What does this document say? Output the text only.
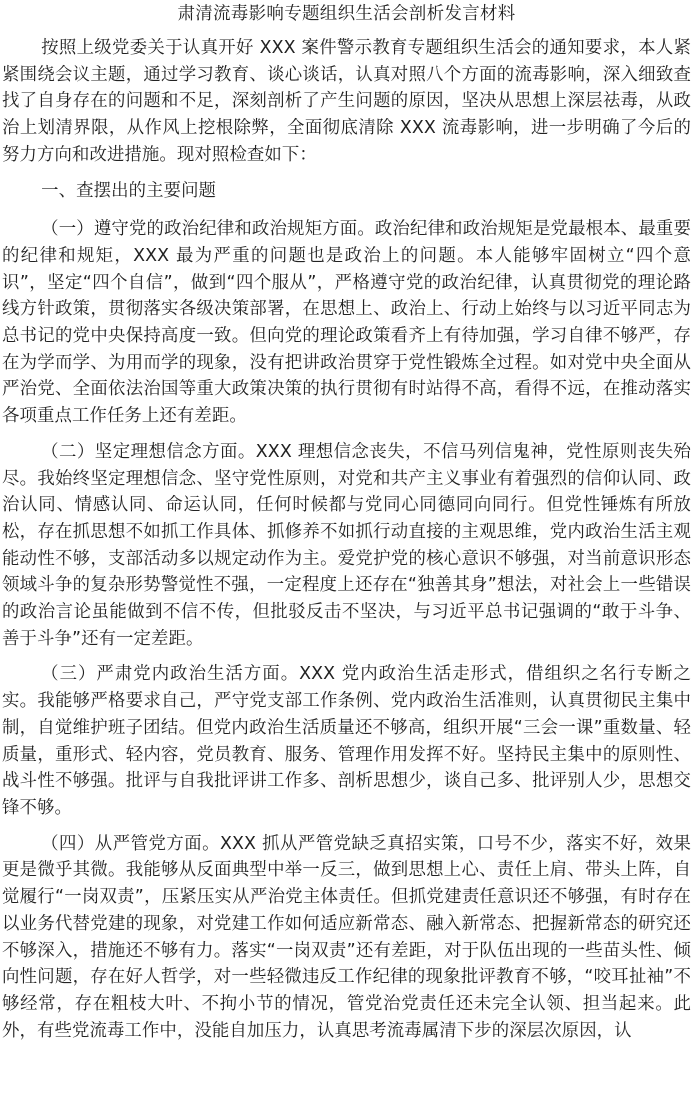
肃清流毒影响专题组织生活会剖析发言材料

按照上级党委关于认真开好 XXX 案件警示教育专题组织生活会的通知要求，本人紧紧围绕会议主题，通过学习教育、谈心谈话，认真对照八个方面的流毒影响，深入细致查找了自身存在的问题和不足，深刻剖析了产生问题的原因，坚决从思想上深层祛毒，从政治上划清界限，从作风上挖根除弊，全面彻底清除 XXX 流毒影响，进一步明确了今后的努力方向和改进措施。现对照检查如下：

一、查摆出的主要问题

（一）遵守党的政治纪律和政治规矩方面。政治纪律和政治规矩是党最根本、最重要的纪律和规矩，XXX 最为严重的问题也是政治上的问题。本人能够牢固树立“四个意识”，坚定“四个自信”，做到“四个服从”，严格遵守党的政治纪律，认真贯彻党的理论路线方针政策，贯彻落实各级决策部署，在思想上、政治上、行动上始终与以习近平同志为总书记的党中央保持高度一致。但向党的理论政策看齐上有待加强，学习自律不够严，存在为学而学、为用而学的现象，没有把讲政治贯穿于党性锻炼全过程。如对党中央全面从严治党、全面依法治国等重大政策决策的执行贯彻有时站得不高，看得不远，在推动落实各项重点工作任务上还有差距。

（二）坚定理想信念方面。XXX 理想信念丧失，不信马列信鬼神，党性原则丧失殆尽。我始终坚定理想信念、坚守党性原则，对党和共产主义事业有着强烈的信仰认同、政治认同、情感认同、命运认同，任何时候都与党同心同德同向同行。但党性锤炼有所放松，存在抓思想不如抓工作具体、抓修养不如抓行动直接的主观思维，党内政治生活主观能动性不够，支部活动多以规定动作为主。爱党护党的核心意识不够强，对当前意识形态领域斗争的复杂形势警觉性不强，一定程度上还存在“独善其身”想法，对社会上一些错误的政治言论虽能做到不信不传，但批驳反击不坚决，与习近平总书记强调的“敢于斗争、善于斗争”还有一定差距。

（三）严肃党内政治生活方面。XXX 党内政治生活走形式，借组织之名行专断之实。我能够严格要求自己，严守党支部工作条例、党内政治生活准则，认真贯彻民主集中制，自觉维护班子团结。但党内政治生活质量还不够高，组织开展“三会一课”重数量、轻质量，重形式、轻内容，党员教育、服务、管理作用发挥不好。坚持民主集中的原则性、战斗性不够强。批评与自我批评讲工作多、剖析思想少，谈自己多、批评别人少，思想交锋不够。

（四）从严管党方面。XXX 抓从严管党缺乏真招实策，口号不少，落实不好，效果更是微乎其微。我能够从反面典型中举一反三，做到思想上心、责任上肩、带头上阵，自觉履行“一岗双责”，压紧压实从严治党主体责任。但抓党建责任意识还不够强，有时存在以业务代替党建的现象，对党建工作如何适应新常态、融入新常态、把握新常态的研究还不够深入，措施还不够有力。落实“一岗双责”还有差距，对于队伍出现的一些苗头性、倾向性问题，存在好人哲学，对一些轻微违反工作纪律的现象批评教育不够，“咬耳扯袖”不够经常，存在粗枝大叶、不拘小节的情况，管党治党责任还未完全认领、担当起来。此外，有些党流毒工作中，没能自加压力，认真思考流毒属清下步的深层次原因，认
